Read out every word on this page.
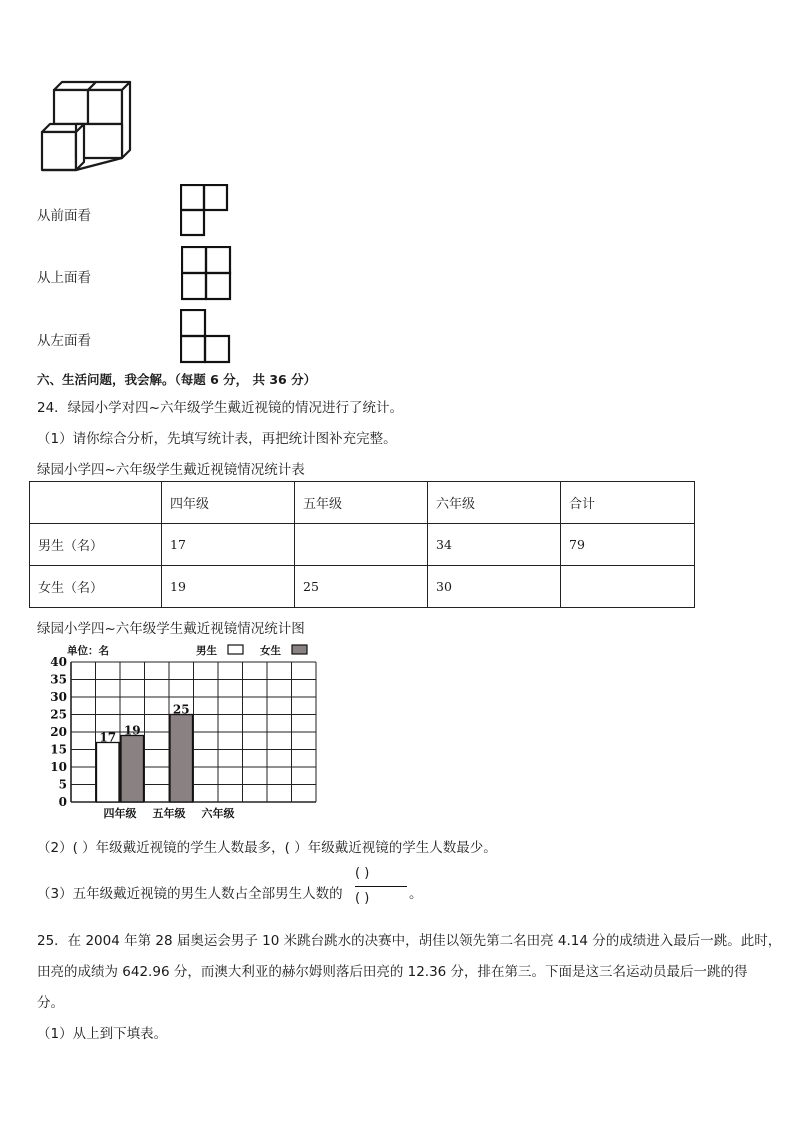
从前面看
从上面看
从左面看
六、生活问题，我会解。（每题 6 分， 共 36 分）
24．绿园小学对四~六年级学生戴近视镜的情况进行了统计。
（1）请你综合分析，先填写统计表，再把统计图补充完整。
绿园小学四~六年级学生戴近视镜情况统计表
	四年级	五年级	六年级	合计
男生（名）	17		34	79
女生（名）	19	25	30	
绿园小学四~六年级学生戴近视镜情况统计图
0
5
10
15
20
25
30
35
40
单位：名	男生	女生
四年级 五年级 六年级
17 19
25
（2）( ）年级戴近视镜的学生人数最多，( ）年级戴近视镜的学生人数最少。
（3）五年级戴近视镜的男生人数占全部男生人数的
( )
( )	。
25．在 2004 年第 28 届奥运会男子 10 米跳台跳水的决赛中，胡佳以领先第二名田亮 4.14 分的成绩进入最后一跳。此时，
田亮的成绩为 642.96 分，而澳大利亚的赫尔姆则落后田亮的 12.36 分，排在第三。下面是这三名运动员最后一跳的得
分。
（1）从上到下填表。
